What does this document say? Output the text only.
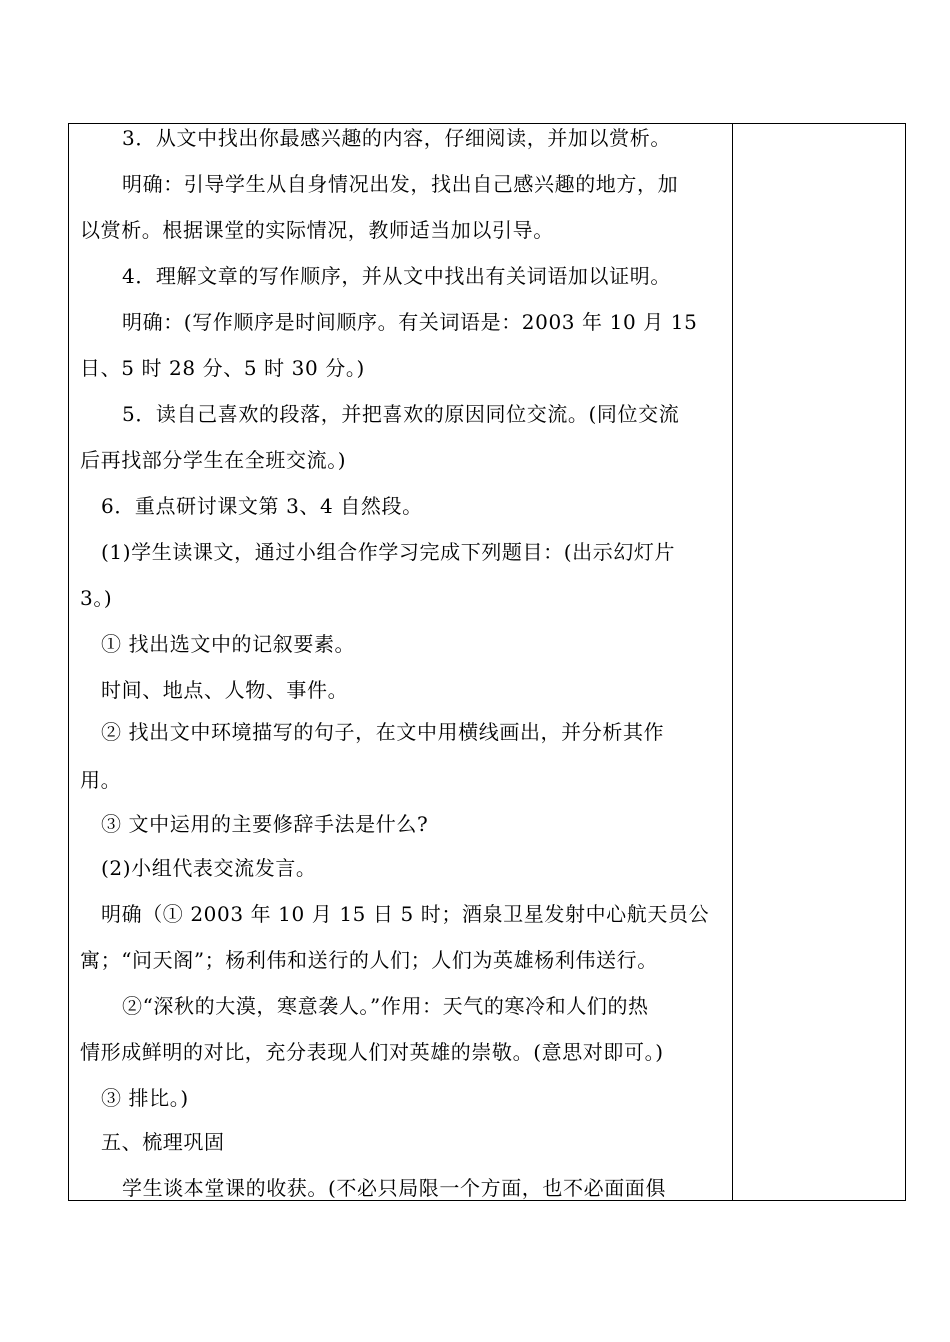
3．从文中找出你最感兴趣的内容，仔细阅读，并加以赏析。
明确：引导学生从自身情况出发，找出自己感兴趣的地方，加
以赏析。根据课堂的实际情况，教师适当加以引导。
4．理解文章的写作顺序，并从文中找出有关词语加以证明。
明确：(写作顺序是时间顺序。有关词语是：2003 年 10 月 15
日、5 时 28 分、5 时 30 分。)
5．读自己喜欢的段落，并把喜欢的原因同位交流。(同位交流
后再找部分学生在全班交流。)
6．重点研讨课文第 3、4 自然段。
(1)学生读课文，通过小组合作学习完成下列题目：(出示幻灯片
3。)
① 找出选文中的记叙要素。
时间、地点、人物、事件。
② 找出文中环境描写的句子，在文中用横线画出，并分析其作
用。
③ 文中运用的主要修辞手法是什么?
(2)小组代表交流发言。
明确（① 2003 年 10 月 15 日 5 时；酒泉卫星发射中心航天员公
寓；“问天阁”；杨利伟和送行的人们；人们为英雄杨利伟送行。
②“深秋的大漠，寒意袭人。”作用：天气的寒冷和人们的热
情形成鲜明的对比，充分表现人们对英雄的崇敬。(意思对即可。)
③ 排比。)
五、梳理巩固
学生谈本堂课的收获。(不必只局限一个方面，也不必面面俱
